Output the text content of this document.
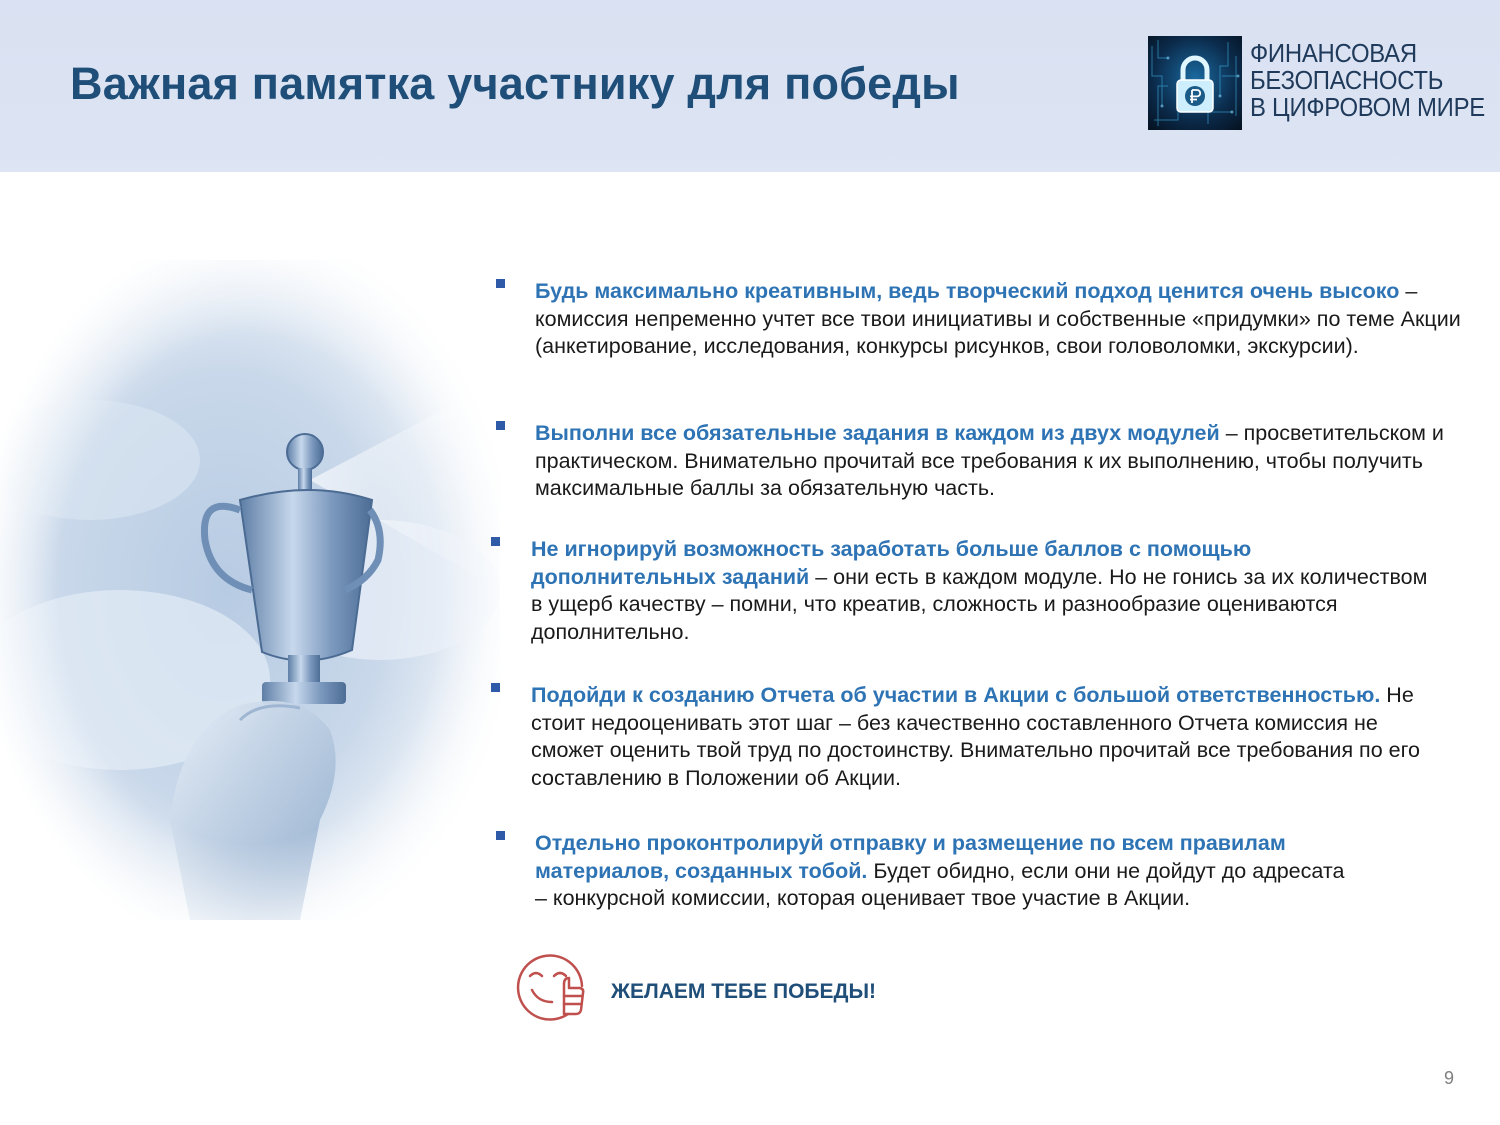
Важная памятка участнику для победы
ФИНАНСОВАЯ
БЕЗОПАСНОСТЬ
В ЦИФРОВОМ МИРЕ
Будь максимально креативным, ведь творческий подход ценится очень высоко – комиссия непременно учтет все твои инициативы и собственные «придумки» по теме Акции (анкетирование, исследования, конкурсы рисунков, свои головоломки, экскурсии).
Выполни все обязательные задания в каждом из двух модулей – просветительском и практическом. Внимательно прочитай все требования к их выполнению, чтобы получить максимальные баллы за обязательную часть.
Не игнорируй возможность заработать больше баллов с помощью дополнительных заданий – они есть в каждом модуле. Но не гонись за их количеством в ущерб качеству – помни, что креатив, сложность и разнообразие оцениваются дополнительно.
Подойди к созданию Отчета об участии в Акции с большой ответственностью. Не стоит недооценивать этот шаг – без качественно составленного Отчета комиссия не сможет оценить твой труд по достоинству. Внимательно прочитай все требования по его составлению в Положении об Акции.
Отдельно проконтролируй отправку и размещение по всем правилам материалов, созданных тобой. Будет обидно, если они не дойдут до адресата – конкурсной комиссии, которая оценивает твое участие в Акции.
ЖЕЛАЕМ ТЕБЕ ПОБЕДЫ!
9
